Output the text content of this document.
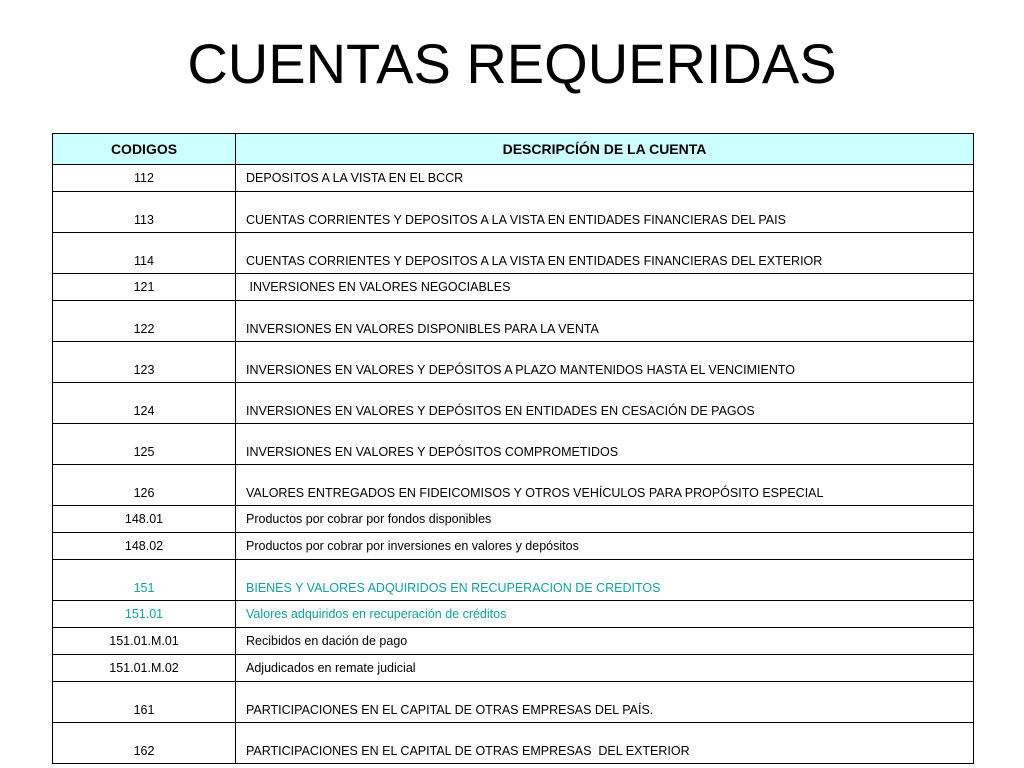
CUENTAS REQUERIDAS
CODIGOS	DESCRIPCÍÓN DE LA CUENTA
112	DEPOSITOS A LA VISTA EN EL BCCR
113	CUENTAS CORRIENTES Y DEPOSITOS A LA VISTA EN ENTIDADES FINANCIERAS DEL PAIS
114	CUENTAS CORRIENTES Y DEPOSITOS A LA VISTA EN ENTIDADES FINANCIERAS DEL EXTERIOR
121	INVERSIONES EN VALORES NEGOCIABLES
122	INVERSIONES EN VALORES DISPONIBLES PARA LA VENTA
123	INVERSIONES EN VALORES Y DEPÓSITOS A PLAZO MANTENIDOS HASTA EL VENCIMIENTO
124	INVERSIONES EN VALORES Y DEPÓSITOS EN ENTIDADES EN CESACIÓN DE PAGOS
125	INVERSIONES EN VALORES Y DEPÓSITOS COMPROMETIDOS
126	VALORES ENTREGADOS EN FIDEICOMISOS Y OTROS VEHÍCULOS PARA PROPÓSITO ESPECIAL
148.01	Productos por cobrar por fondos disponibles
148.02	Productos por cobrar por inversiones en valores y depósitos
151	BIENES Y VALORES ADQUIRIDOS EN RECUPERACION DE CREDITOS
151.01	Valores adquiridos en recuperación de créditos
151.01.M.01	Recibidos en dación de pago
151.01.M.02	Adjudicados en remate judicial
161	PARTICIPACIONES EN EL CAPITAL DE OTRAS EMPRESAS DEL PAÍS.
162	PARTICIPACIONES EN EL CAPITAL DE OTRAS EMPRESAS  DEL EXTERIOR
